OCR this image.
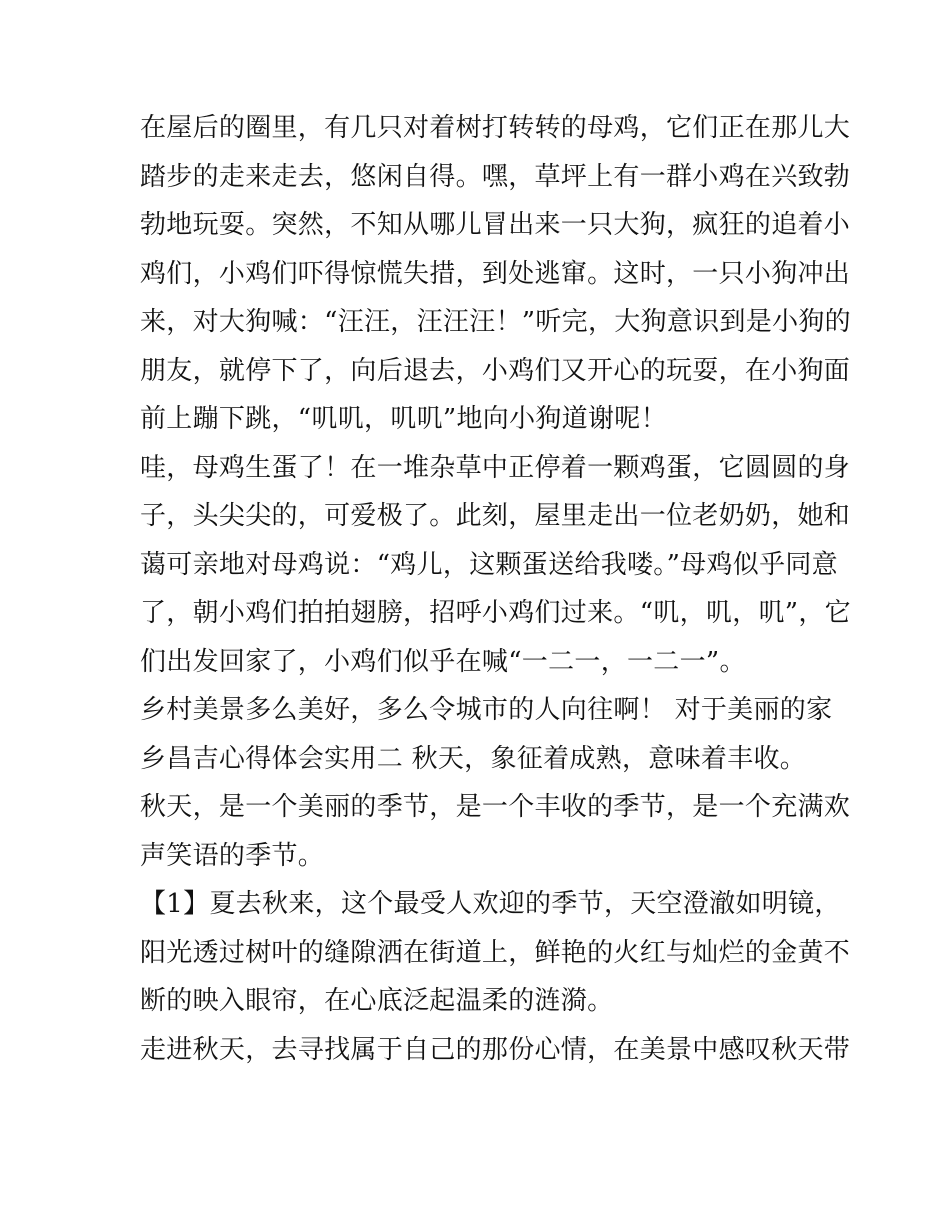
在屋后的圈里，有几只对着树打转转的母鸡，它们正在那儿大
踏步的走来走去，悠闲自得。嘿，草坪上有一群小鸡在兴致勃
勃地玩耍。突然，不知从哪儿冒出来一只大狗，疯狂的追着小
鸡们，小鸡们吓得惊慌失措，到处逃窜。这时，一只小狗冲出
来，对大狗喊：“汪汪，汪汪汪！”听完，大狗意识到是小狗的
朋友，就停下了，向后退去，小鸡们又开心的玩耍，在小狗面
前上蹦下跳，“叽叽，叽叽”地向小狗道谢呢！
哇，母鸡生蛋了！在一堆杂草中正停着一颗鸡蛋，它圆圆的身
子，头尖尖的，可爱极了。此刻，屋里走出一位老奶奶，她和
蔼可亲地对母鸡说：“鸡儿，这颗蛋送给我喽。”母鸡似乎同意
了，朝小鸡们拍拍翅膀，招呼小鸡们过来。“叽，叽，叽”，它
们出发回家了，小鸡们似乎在喊“一二一，一二一”。
乡村美景多么美好，多么令城市的人向往啊！ 对于美丽的家
乡昌吉心得体会实用二 秋天，象征着成熟，意味着丰收。
秋天，是一个美丽的季节，是一个丰收的季节，是一个充满欢
声笑语的季节。
【1】夏去秋来，这个最受人欢迎的季节，天空澄澈如明镜，
阳光透过树叶的缝隙洒在街道上，鲜艳的火红与灿烂的金黄不
断的映入眼帘，在心底泛起温柔的涟漪。
走进秋天，去寻找属于自己的那份心情，在美景中感叹秋天带
